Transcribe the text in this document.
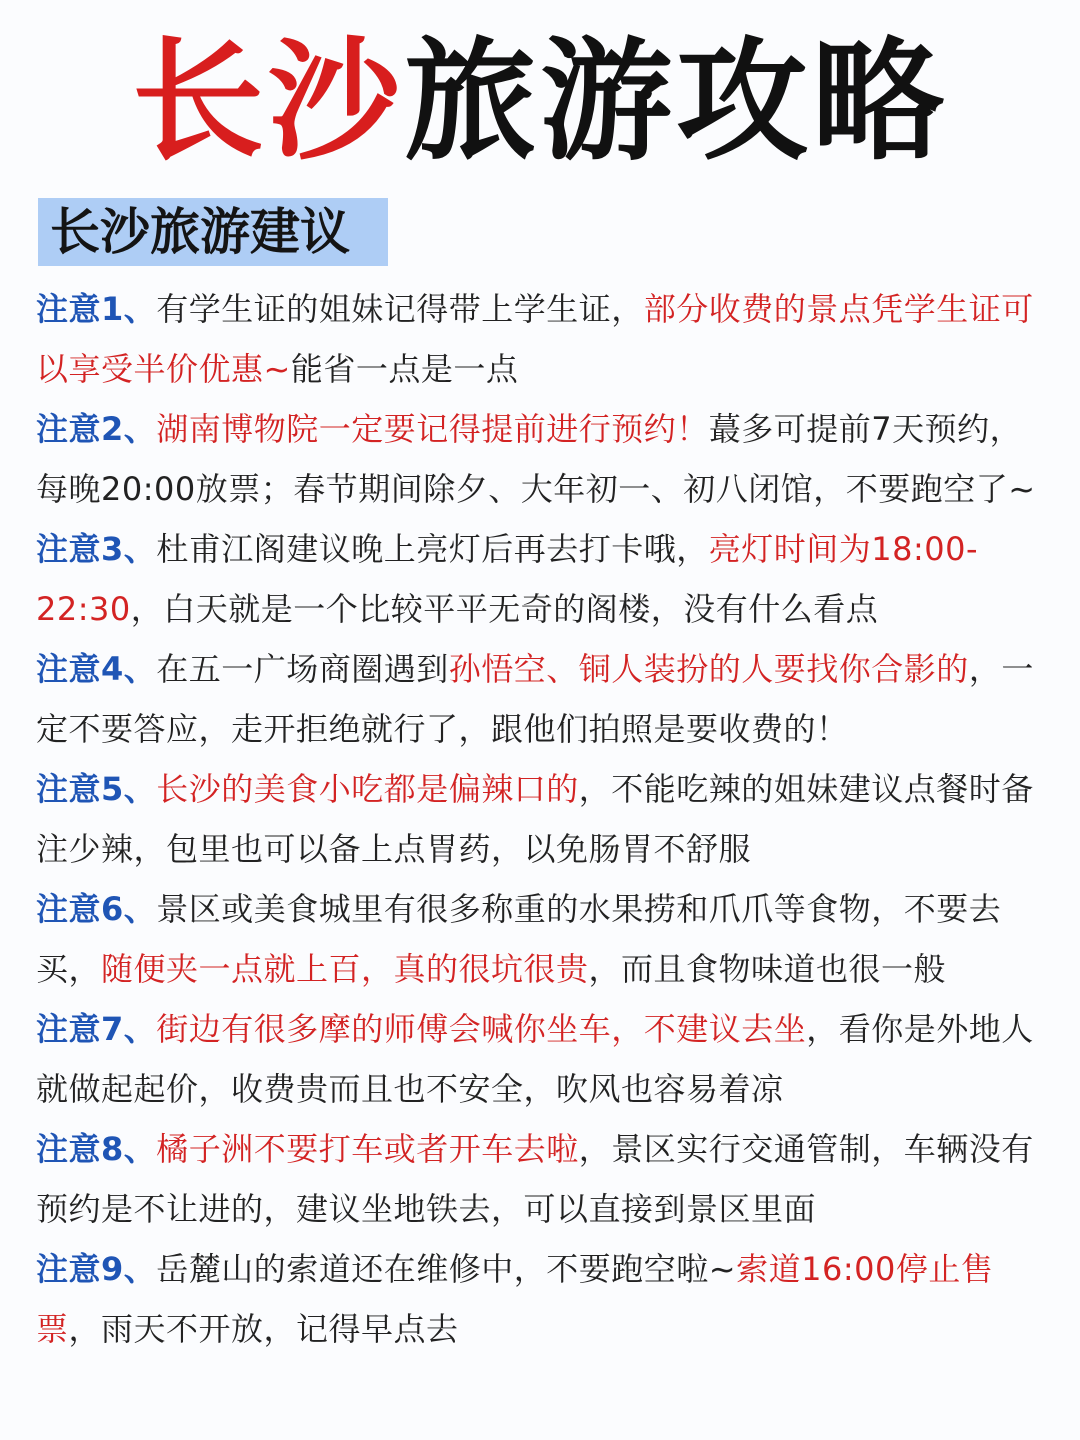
长沙旅游攻略
长沙旅游建议

注意1、有学生证的姐妹记得带上学生证，部分收费的景点凭学生证可以享受半价优惠~能省一点是一点

注意2、湖南博物院一定要记得提前进行预约！蕞多可提前7天预约，每晚20:00放票；春节期间除夕、大年初一、初八闭馆，不要跑空了~

注意3、杜甫江阁建议晚上亮灯后再去打卡哦，亮灯时间为18:00-22:30，白天就是一个比较平平无奇的阁楼，没有什么看点

注意4、在五一广场商圈遇到孙悟空、铜人装扮的人要找你合影的，一定不要答应，走开拒绝就行了，跟他们拍照是要收费的！

注意5、长沙的美食小吃都是偏辣口的，不能吃辣的姐妹建议点餐时备注少辣，包里也可以备上点胃药，以免肠胃不舒服

注意6、景区或美食城里有很多称重的水果捞和爪爪等食物，不要去买，随便夹一点就上百，真的很坑很贵，而且食物味道也很一般

注意7、街边有很多摩的师傅会喊你坐车，不建议去坐，看你是外地人就做起起价，收费贵而且也不安全，吹风也容易着凉

注意8、橘子洲不要打车或者开车去啦，景区实行交通管制，车辆没有预约是不让进的，建议坐地铁去，可以直接到景区里面

注意9、岳麓山的索道还在维修中，不要跑空啦~索道16:00停止售票，雨天不开放，记得早点去
